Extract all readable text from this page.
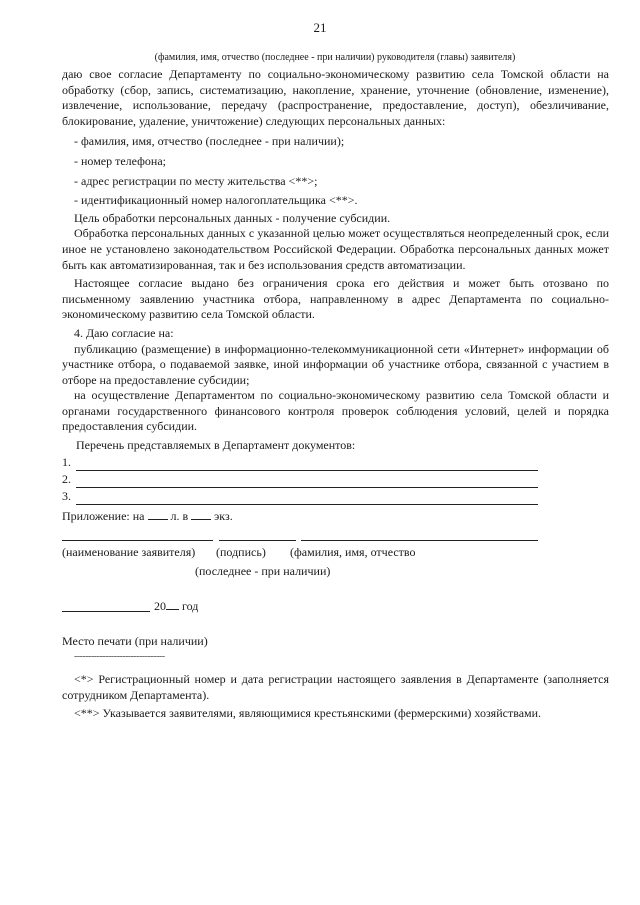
21
(фамилия, имя, отчество (последнее - при наличии) руководителя (главы) заявителя)

даю свое согласие Департаменту по социально-экономическому развитию села Томской области на обработку (сбор, запись, систематизацию, накопление, хранение, уточнение (обновление, изменение), извлечение, использование, передачу (распространение, предоставление, доступ), обезличивание, блокирование, удаление, уничтожение) следующих персональных данных:

- фамилия, имя, отчество (последнее - при наличии);

- номер телефона;

- адрес регистрации по месту жительства <**>;

- идентификационный номер налогоплательщика <**>.

Цель обработки персональных данных - получение субсидии.

Обработка персональных данных с указанной целью может осуществляться неопределенный срок, если иное не установлено законодательством Российской Федерации. Обработка персональных данных может быть как автоматизированная, так и без использования средств автоматизации.

Настоящее согласие выдано без ограничения срока его действия и может быть отозвано по письменному заявлению участника отбора, направленному в адрес Департамента по социально-экономическому развитию села Томской области.

4. Даю согласие на:

публикацию (размещение) в информационно-телекоммуникационной сети «Интернет» информации об участнике отбора, о подаваемой заявке, иной информации об участнике отбора, связанной с участием в отборе на предоставление субсидии;

на осуществление Департаментом по социально-экономическому развитию села Томской области и органами государственного финансового контроля проверок соблюдения условий, целей и порядка предоставления субсидии.

Перечень представляемых в Департамент документов:

1.
2.
3.

Приложение: на л. в экз.

(наименование заявителя) (подпись) (фамилия, имя, отчество
(последнее - при наличии)
20 год
Место печати (при наличии)
--------------------------------

<*> Регистрационный номер и дата регистрации настоящего заявления в Департаменте (заполняется сотрудником Департамента).

<**> Указывается заявителями, являющимися крестьянскими (фермерскими) хозяйствами.
